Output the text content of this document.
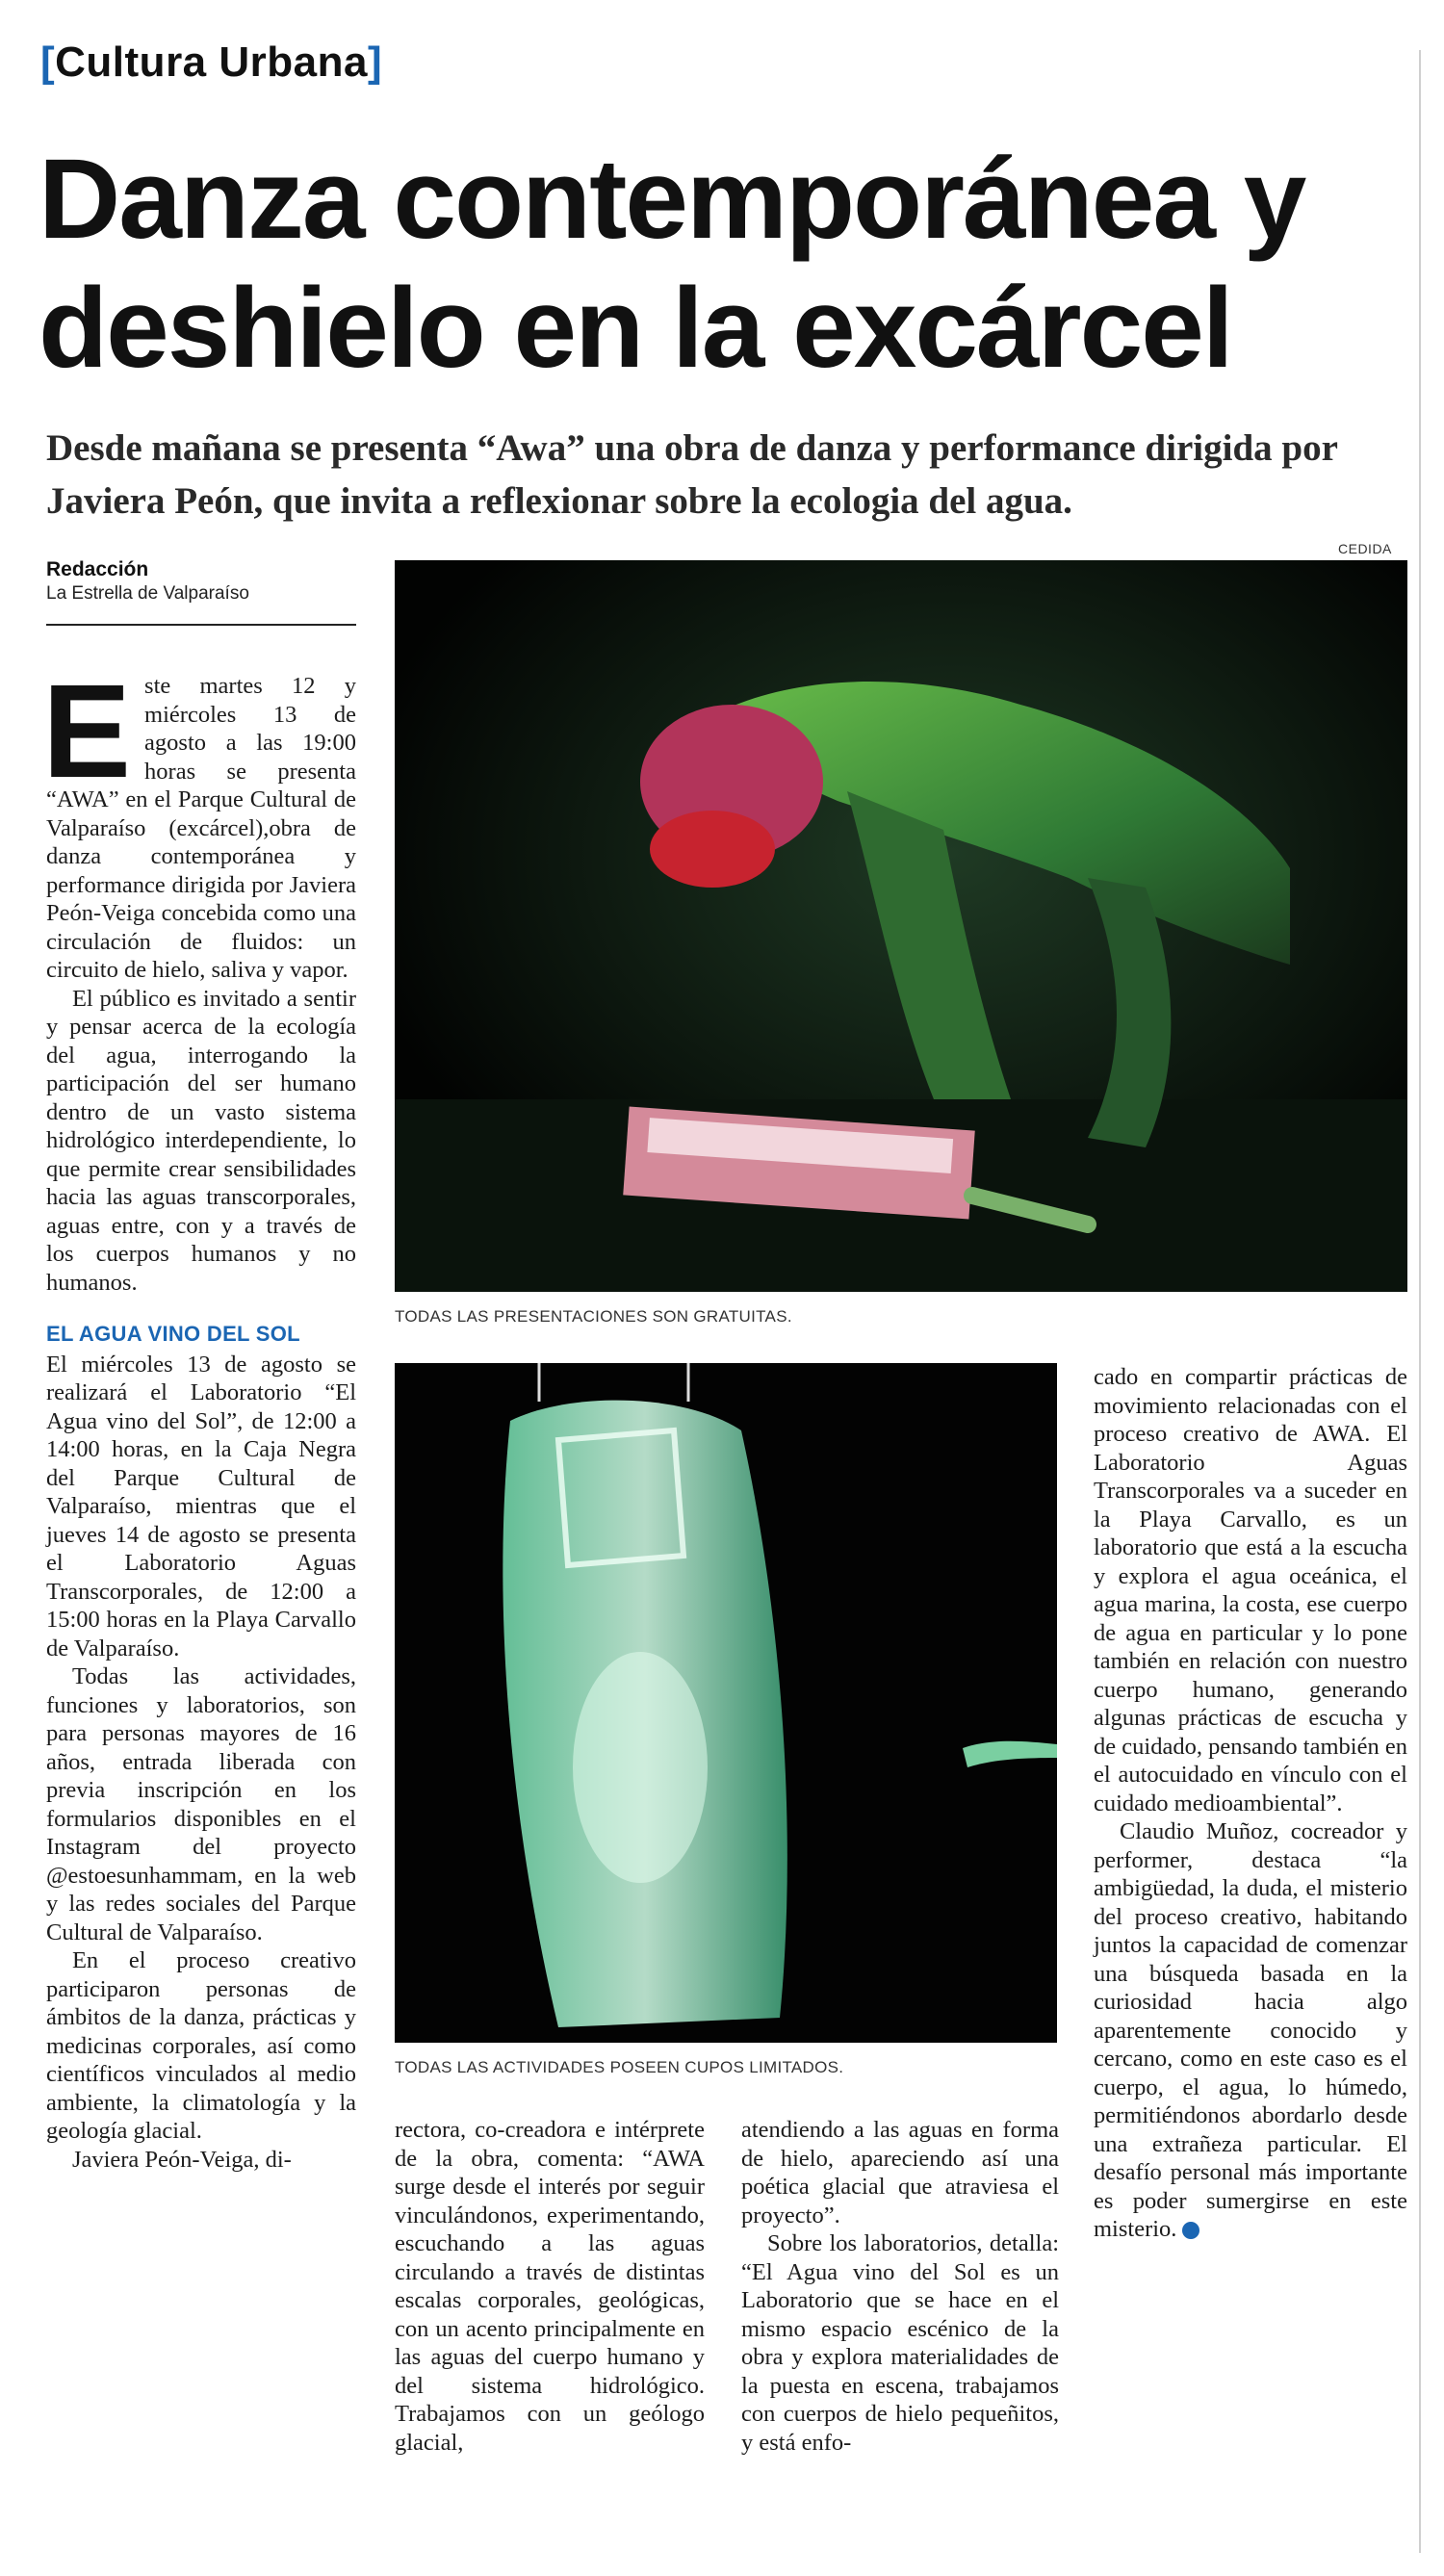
[Cultura Urbana]
Danza contemporánea y deshielo en la excárcel

Desde mañana se presenta “Awa” una obra de danza y performance dirigida por Javiera Peón, que invita a reflexionar sobre la ecologia del agua.

CEDIDA
Redacción
La Estrella de Valparaíso
TODAS LAS PRESENTACIONES SON GRATUITAS.
TODAS LAS ACTIVIDADES POSEEN CUPOS LIMITADOS.

Este martes 12 y miércoles 13 de agosto a las 19:00 horas se presenta “AWA” en el Parque Cultural de Valparaíso (excárcel),obra de danza contemporánea y performance dirigida por Javiera Peón-Veiga concebida como una circulación de fluidos: un circuito de hielo, saliva y vapor.

El público es invitado a sentir y pensar acerca de la ecología del agua, interrogando la participación del ser humano dentro de un vasto sistema hidrológico interdependiente, lo que permite crear sensibilidades hacia las aguas transcorporales, aguas entre, con y a través de los cuerpos humanos y no humanos.

EL AGUA VINO DEL SOL

El miércoles 13 de agosto se realizará el Laboratorio “El Agua vino del Sol”, de 12:00 a 14:00 horas, en la Caja Negra del Parque Cultural de Valparaíso, mientras que el jueves 14 de agosto se presenta el Laboratorio Aguas Transcorporales, de 12:00 a 15:00 horas en la Playa Carvallo de Valparaíso.

Todas las actividades, funciones y laboratorios, son para personas mayores de 16 años, entrada liberada con previa inscripción en los formularios disponibles en el Instagram del proyecto @estoesunhammam, en la web y las redes sociales del Parque Cultural de Valparaíso.

En el proceso creativo participaron personas de ámbitos de la danza, prácticas y medicinas corporales, así como científicos vinculados al medio ambiente, la climatología y la geología glacial.

Javiera Peón-Veiga, di-

rectora, co-creadora e intérprete de la obra, comenta: “AWA surge desde el interés por seguir vinculándonos, experimentando, escuchando a las aguas circulando a través de distintas escalas corporales, geológicas, con un acento principalmente en las aguas del cuerpo humano y del sistema hidrológico. Trabajamos con un geólogo glacial,

atendiendo a las aguas en forma de hielo, apareciendo así una poética glacial que atraviesa el proyecto”.

Sobre los laboratorios, detalla: “El Agua vino del Sol es un Laboratorio que se hace en el mismo espacio escénico de la obra y explora materialidades de la puesta en escena, trabajamos con cuerpos de hielo pequeñitos, y está enfo-

cado en compartir prácticas de movimiento relacionadas con el proceso creativo de AWA. El Laboratorio Aguas Transcorporales va a suceder en la Playa Carvallo, es un laboratorio que está a la escucha y explora el agua oceánica, el agua marina, la costa, ese cuerpo de agua en particular y lo pone también en relación con nuestro cuerpo humano, generando algunas prácticas de escucha y de cuidado, pensando también en el autocuidado en vínculo con el cuidado medioambiental”.

Claudio Muñoz, cocreador y performer, destaca “la ambigüedad, la duda, el misterio del proceso creativo, habitando juntos la capacidad de comenzar una búsqueda basada en la curiosidad hacia algo aparentemente conocido y cercano, como en este caso es el cuerpo, el agua, lo húmedo, permitiéndonos abordarlo desde una extrañeza particular. El desafío personal más importante es poder sumergirse en este misterio.	✚
